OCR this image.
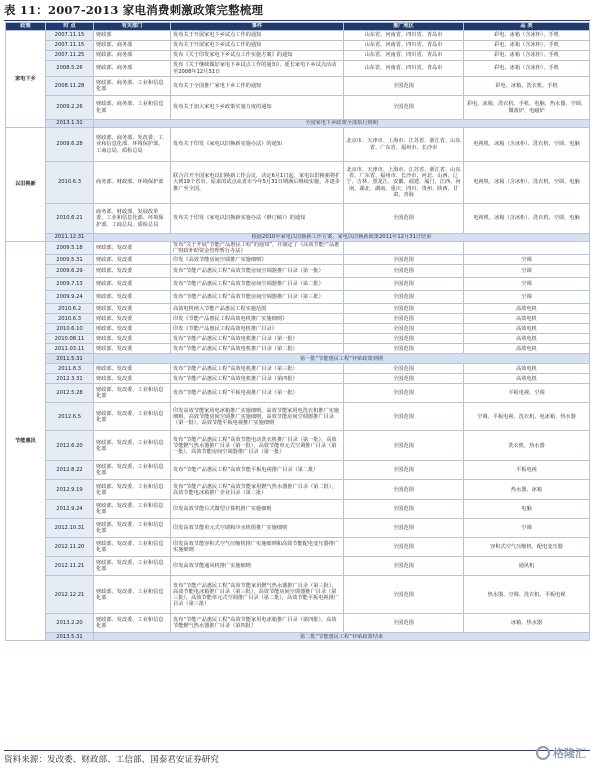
表 11：2007-2013 家电消费刺激政策完整梳理
政策	时 点	有关部门	事件	推广地区	品 类
家电下乡	2007.11.15	财政部	发布关于开展家电下乡试点工作的通知	山东省、河南省、四川省、青岛市	彩电、冰箱（含冰柜）、手机
	2007.11.15	财政部、商务部	发布关于开展家电下乡试点工作的通知	山东省、河南省、四川省、青岛市	彩电、冰箱（含冰柜）、手机
	2007.11.25	财政部、商务部	发布《关于印发家电下乡试点工作实施方案》的通知	山东省、河南省、四川省、青岛市	彩电、冰箱（含冰柜）、手机
	2008.5.26	财政部、商务部	发布《关于继续做好家电下乡试点工作的通知》，延长家电下乡试点活动至2008年12月31日	山东省、河南省、四川省、青岛市	彩电、冰箱（含冰柜）、手机
	2008.11.28	财政部、商务部、工业和信息化部	发布关于全国推广家电下乡工作的通知	全国范围	彩电、冰箱、洗衣机、手机
	2009.2.26	财政部、商务部、工业和信息化部	发布关于加大家电下乡政策实施力度的通知	全国范围	彩电、冰箱、洗衣机、手机、电脑、热水器、空调、微波炉、电磁炉
	2013.1.31	全国家电下乡政策全部执行到期			
以旧换新	2009.6.28	财政部、商务部、发改委、工业和信息化部、环境保护部、工商总局、质检总局	发布关于印发《家电以旧换新实施办法》的通知	北京市、天津市、上海市、江苏省、浙江省、山东省、广东省、福州市、长沙市	电视机、冰箱（含冰柜）、洗衣机、空调、电脑
	2010.6.3	商务部、财政部、环境保护部	联合召开全国家电以旧换新工作会议，决定6月1日起，家电以旧换新将扩大到19个省市，原来的试点从省市今年5月31日期满后继续实施，并逐步推广至全国。	北京市、天津市、上海市、江苏省、浙江省、山东省、广东省、福州市、长沙市、河北、山西、辽宁、吉林、黑龙江、安徽、福建、厦门、江西、河南、湖北、湖南、重庆、四川、贵州、陕西、甘肃、青海	电视机、冰箱（含冰柜）、洗衣机、空调、电脑
	2010.6.21	商务部、财政部、发展改革委、工业和信息化部、环境保护部、工商总局、质检总局	发布关于印发《家电以旧换新实施办法（修订稿）》的通知	全国范围	电视机、冰箱（含冰柜）、洗衣机、空调、电脑
	2011.12.31	根据2010年家电以旧换新工作方案，家电以旧换新政策2011年12月31日结束			
节能惠民	2009.5.18	财政部、发改委	发布“关于开展“节能产品惠民工程”的通知”，并制定了《高效节能产品推广财政补助资金管理暂行办法》		
	2009.5.31	财政部、发改委	印发《高效节能房间空调推广实施细则》	全国范围	空调
	2009.6.29	财政部、发改委	发布“节能产品惠民工程”高效节能房间空调器推广目录（第一批）	全国范围	空调
	2009.7.13	财政部、发改委	发布“节能产品惠民工程”高效节能房间空调器推广目录（第二批）	全国范围	空调
	2009.9.24	财政部、发改委	发布“节能产品惠民工程”高效节能房间空调器推广目录（第三批）	全国范围	空调
	2010.6.2	财政部、发改委	高效电机纳入节能产品惠民工程实施范围	全国范围	高效电机
	2010.6.3	财政部、发改委	印发《节能产品惠民工程高效电机推广实施细则》	全国范围	高效电机
	2010.6.10	财政部、发改委	印发《节能产品惠民工程高效电机推广目录》	全国范围	高效电机
	2010.08.11	财政部、发改委	发布“节能产品惠民工程”高效电机推广目录（第一批）	全国范围	高效电机
	2011.03.11	财政部、发改委	发布“节能产品惠民工程”高效电机推广目录（第二批）	全国范围	高效电机
	2011.5.31	第一批“节能惠民工程”补贴政策到期			
	2011.8.3	财政部、发改委	发布“节能产品惠民工程”高效电机推广目录（第三批）	全国范围	高效电机
	2012.3.31	财政部、发改委	发布“节能产品惠民工程”高效电机推广目录（第四批）	全国范围	高效电机
	2012.5.28	财政部、发改委、工业和信息化部	发布“节能产品惠民工程”平板电视推广目录（第一批）	全国范围	平板电视、空调
	2012.6.5	财政部、发改委、工业和信息化部	印发高效节能家用电冰箱推广实施细则，高效节能家用电洗衣机推广实施细则，高效节能房间空调推广实施细则，高效节能房间空调器推广目录（第一批），高效节能平板电视推广实施细则	全国范围	空调、平板电视、洗衣机、电冰箱、热水器
	2012.6.20	财政部、发改委、工业和信息化部	发布“节能产品惠民工程”高效节能电动洗衣机推广目录（第一批），高效节能燃气热水器推广目录（第一批），高效节能单元式空调推广目录（第一批），高效节能房间空调器推广目录（第一批）	全国范围	洗衣机、热水器
	2012.8.22	财政部、发改委、工业和信息化部	发布“节能产品惠民工程”高效节能平板电视推广目录（第二批）	全国范围	平板电视
	2012.9.19	财政部、发改委、工业和信息化部	发布“节能产品惠民工程”高效节能家用燃气热水器推广目录（第二批），高效节能电冰箱推广企业目录（第二批）	全国范围	热水器、冰箱
	2012.9.24	财政部、发改委、工业和信息化部	印发高效节能台式微型计算机推广实施细则	全国范围	电脑
	2012.10.31	财政部、发改委、工业和信息化部	印发高效节能单元式空调和冷水机组推广实施细则	全国范围	空调
	2012.11.20	财政部、发改委、工业和信息化部	印发高效节能容积式空气压缩机推广实施细则和高效节能配电变压器推广实施细则	全国范围	容积式空气压缩机、配电变压器
	2012.11.21	财政部、发改委、工业和信息化部	印发高效节能通风机推广实施细则	全国范围	通风机
	2012.12.21	财政部、发改委、工业和信息化部	发布“节能产品惠民工程”高效节能家用燃气热水器推广目录（第三批），高效节能电冰箱推广目录（第三批），高效节能房间空调器推广目录（第三批），高效节能单元式空调推广目录（第二批），高效节能平板电视推广目录（第三批）	全国范围	热水器、空调、洗衣机、平板电视
	2013.2.20	财政部、发改委、工业和信息化部	发布“节能产品惠民工程”高效节能家用电冰箱推广目录（第四批），高效节能燃气热水器推广目录（第四批）	全国范围	冰箱、热水器
	2013.5.31	第二批“节能惠民工程”补贴政策结束			
资料来源：发改委、财政部、工信部、国泰君安证券研究	格隆汇
